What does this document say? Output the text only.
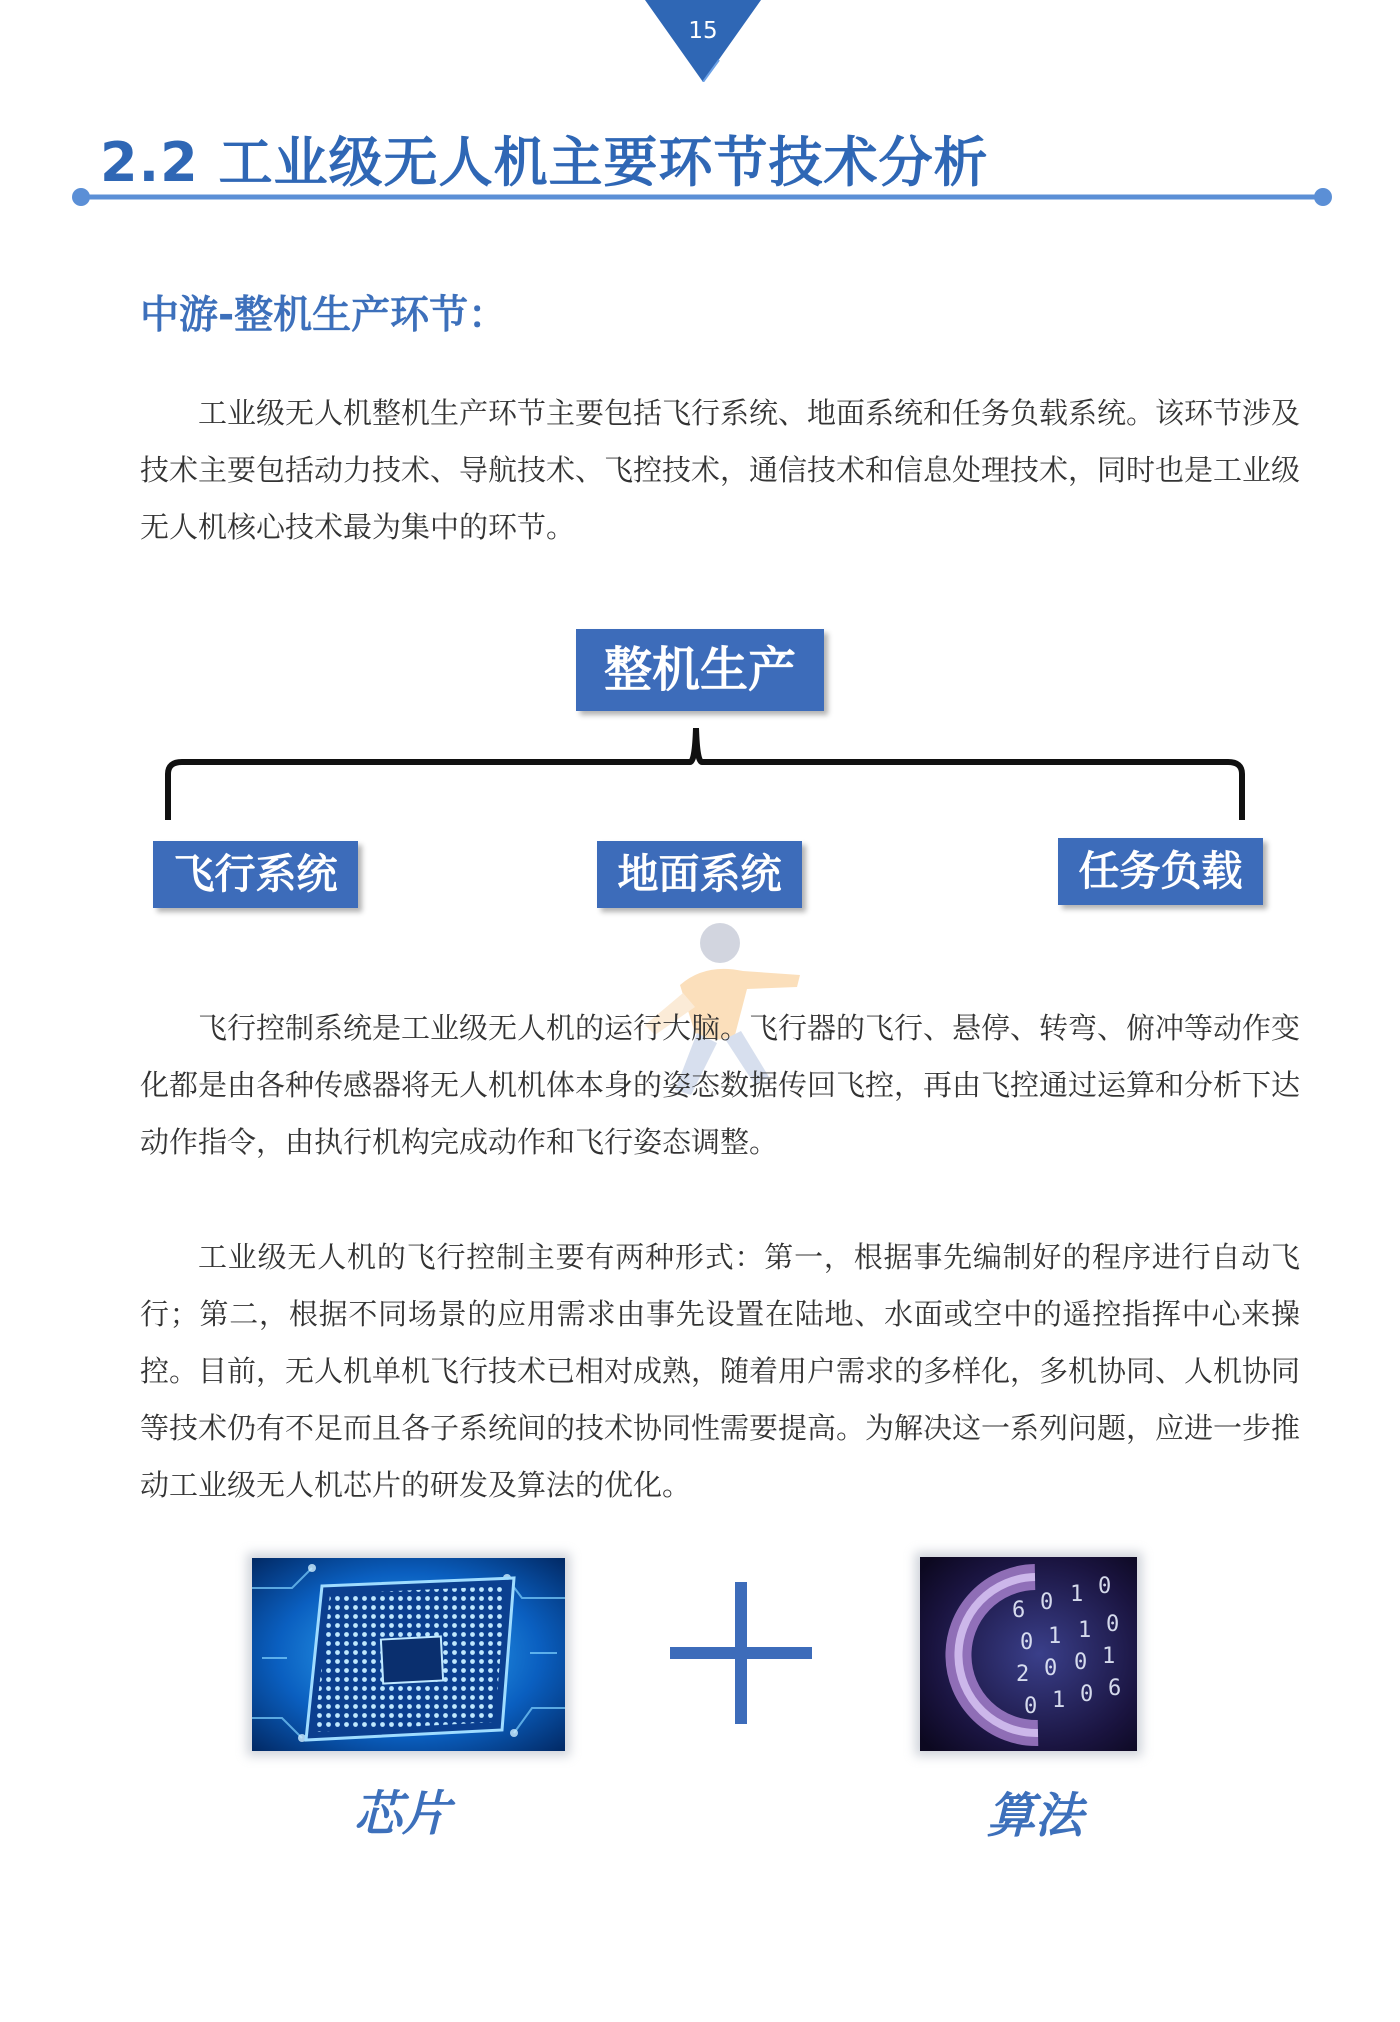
15
2.2 工业级无人机主要环节技术分析
中游-整机生产环节：

工业级无人机整机生产环节主要包括飞行系统、地面系统和任务负载系统。该环节涉及技术主要包括动力技术、导航技术、飞控技术，通信技术和信息处理技术，同时也是工业级无人机核心技术最为集中的环节。

整机生产
飞行系统	地面系统	任务负载

飞行控制系统是工业级无人机的运行大脑。飞行器的飞行、悬停、转弯、俯冲等动作变化都是由各种传感器将无人机机体本身的姿态数据传回飞控，再由飞控通过运算和分析下达动作指令，由执行机构完成动作和飞行姿态调整。

工业级无人机的飞行控制主要有两种形式：第一，根据事先编制好的程序进行自动飞行；第二，根据不同场景的应用需求由事先设置在陆地、水面或空中的遥控指挥中心来操控。目前，无人机单机飞行技术已相对成熟，随着用户需求的多样化，多机协同、人机协同等技术仍有不足而且各子系统间的技术协同性需要提高。为解决这一系列问题，应进一步推动工业级无人机芯片的研发及算法的优化。

6 0 1 0
0 1 1 0
2 0 0 1
0 1 0 6
芯片	算法
